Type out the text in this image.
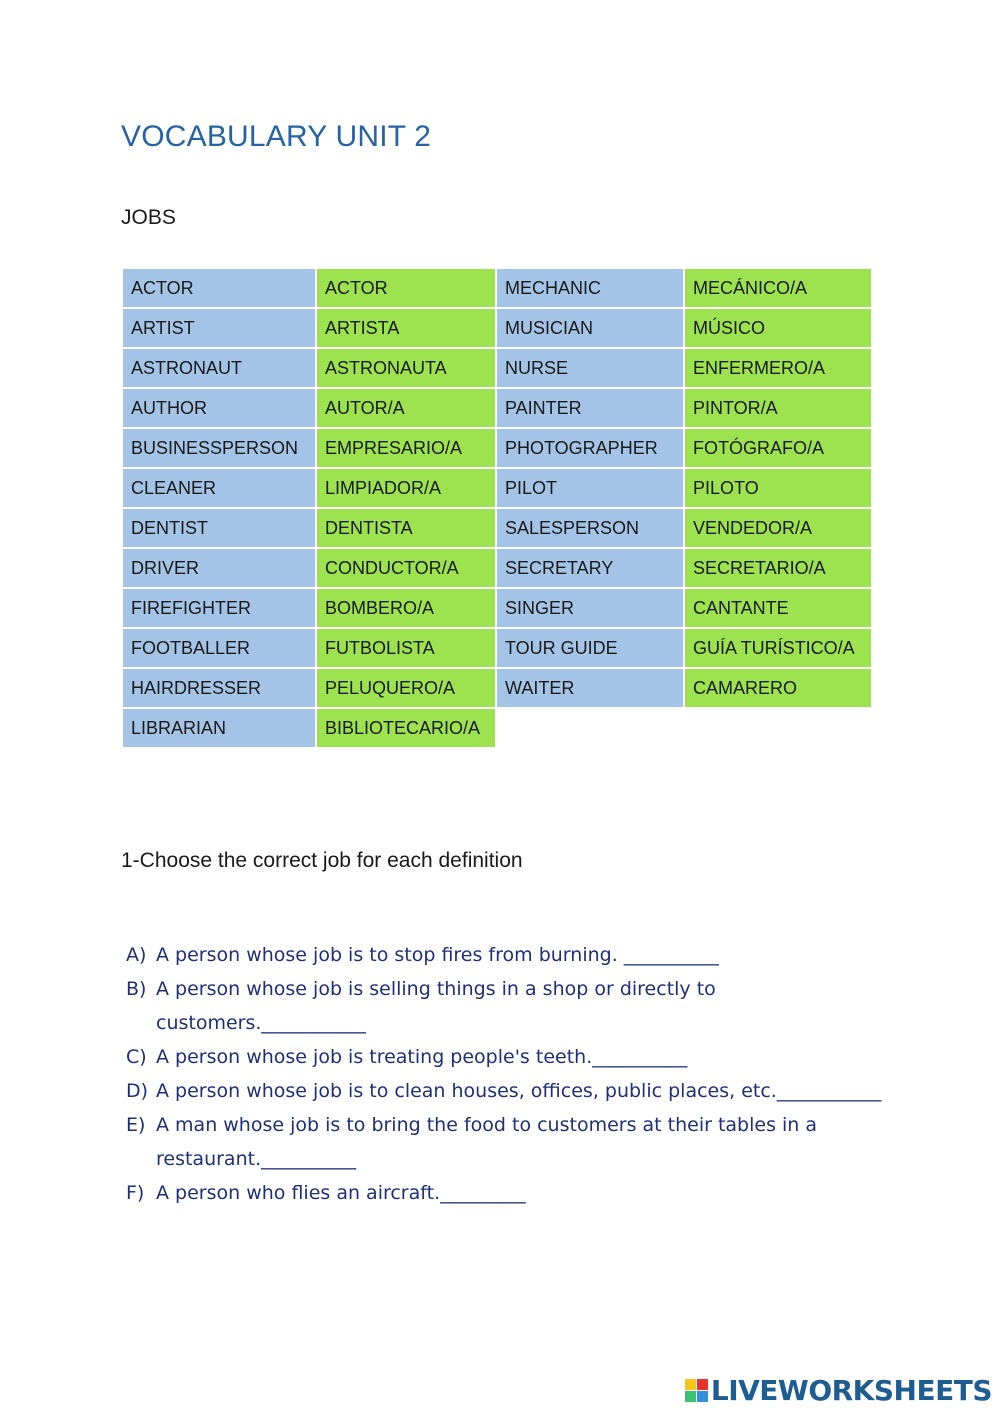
VOCABULARY UNIT 2
JOBS
ACTOR	ACTOR	MECHANIC	MECÁNICO/A
ARTIST	ARTISTA	MUSICIAN	MÚSICO
ASTRONAUT	ASTRONAUTA	NURSE	ENFERMERO/A
AUTHOR	AUTOR/A	PAINTER	PINTOR/A
BUSINESSPERSON	EMPRESARIO/A	PHOTOGRAPHER	FOTÓGRAFO/A
CLEANER	LIMPIADOR/A	PILOT	PILOTO
DENTIST	DENTISTA	SALESPERSON	VENDEDOR/A
DRIVER	CONDUCTOR/A	SECRETARY	SECRETARIO/A
FIREFIGHTER	BOMBERO/A	SINGER	CANTANTE
FOOTBALLER	FUTBOLISTA	TOUR GUIDE	GUÍA TURÍSTICO/A
HAIRDRESSER	PELUQUERO/A	WAITER	CAMARERO
LIBRARIAN	BIBLIOTECARIO/A		
1-Choose the correct job for each definition
A) A person whose job is to stop fires from burning. __________
B) A person whose job is selling things in a shop or directly to customers.___________
C) A person whose job is treating people's teeth.__________
D) A person whose job is to clean houses, offices, public places, etc.___________
E) A man whose job is to bring the food to customers at their tables in a restaurant.__________
F) A person who flies an aircraft._________
LIVEWORKSHEETS
